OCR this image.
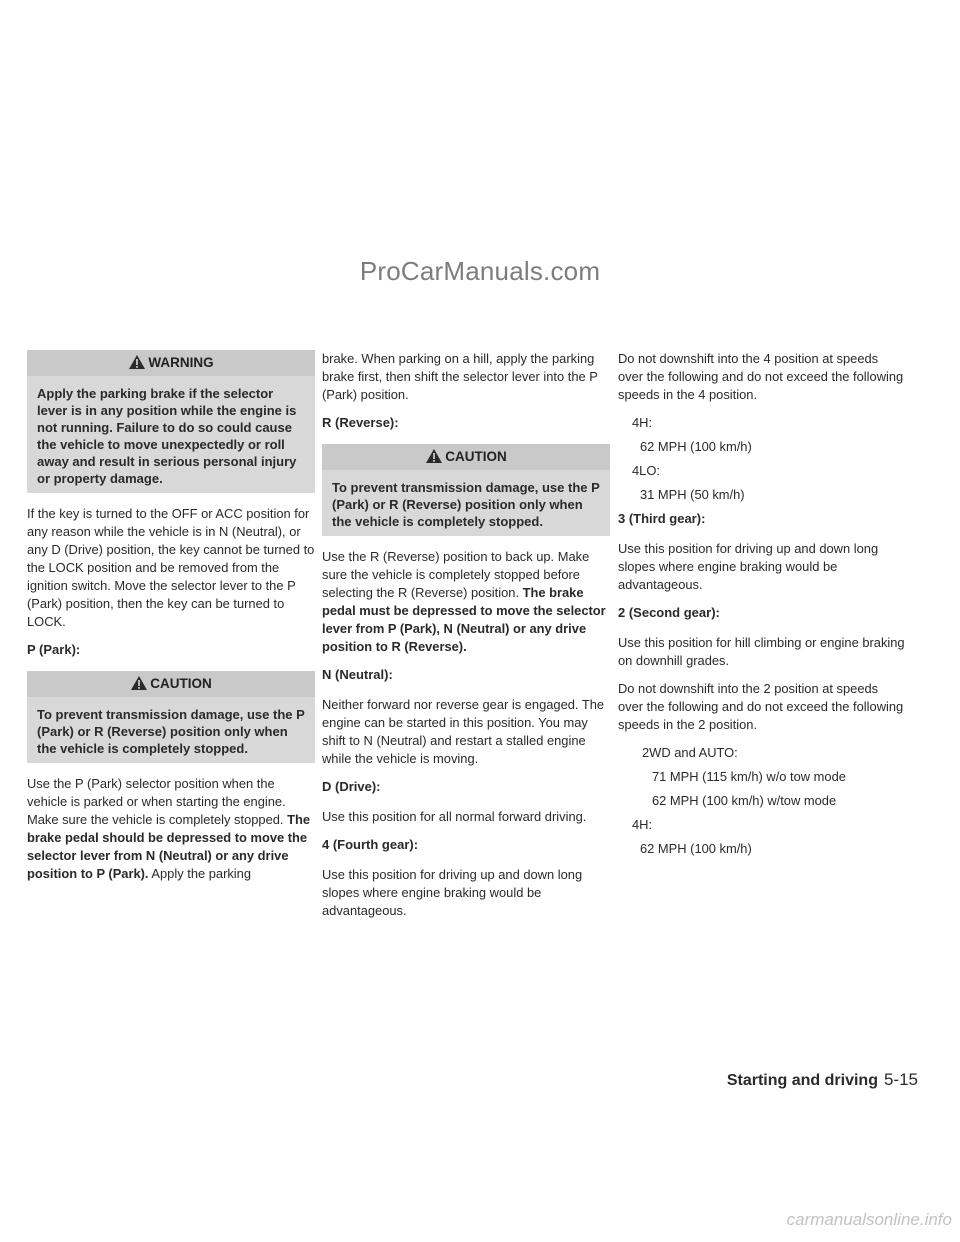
ProCarManuals.com
WARNING
Apply the parking brake if the selector lever is in any position while the engine is not running. Failure to do so could cause the vehicle to move unexpectedly or roll away and result in serious personal injury or property damage.

If the key is turned to the OFF or ACC position for any reason while the vehicle is in N (Neutral), or any D (Drive) position, the key cannot be turned to the LOCK position and be removed from the ignition switch. Move the selector lever to the P (Park) position, then the key can be turned to LOCK.

P (Park):

CAUTION
To prevent transmission damage, use the P (Park) or R (Reverse) position only when the vehicle is completely stopped.

Use the P (Park) selector position when the vehicle is parked or when starting the engine. Make sure the vehicle is completely stopped. The brake pedal should be depressed to move the selector lever from N (Neutral) or any drive position to P (Park). Apply the parking

brake. When parking on a hill, apply the parking brake first, then shift the selector lever into the P (Park) position.

R (Reverse):

CAUTION
To prevent transmission damage, use the P (Park) or R (Reverse) position only when the vehicle is completely stopped.

Use the R (Reverse) position to back up. Make sure the vehicle is completely stopped before selecting the R (Reverse) position. The brake pedal must be depressed to move the selector lever from P (Park), N (Neutral) or any drive position to R (Reverse).

N (Neutral):

Neither forward nor reverse gear is engaged. The engine can be started in this position. You may shift to N (Neutral) and restart a stalled engine while the vehicle is moving.

D (Drive):

Use this position for all normal forward driving.

4 (Fourth gear):

Use this position for driving up and down long slopes where engine braking would be advantageous.

Do not downshift into the 4 position at speeds over the following and do not exceed the following speeds in the 4 position.

4H:

62 MPH (100 km/h)

4LO:

31 MPH (50 km/h)

3 (Third gear):

Use this position for driving up and down long slopes where engine braking would be advantageous.

2 (Second gear):

Use this position for hill climbing or engine braking on downhill grades.

Do not downshift into the 2 position at speeds over the following and do not exceed the following speeds in the 2 position.

2WD and AUTO:

71 MPH (115 km/h) w/o tow mode

62 MPH (100 km/h) w/tow mode

4H:

62 MPH (100 km/h)

Starting and driving 5-15
carmanualsonline.info
